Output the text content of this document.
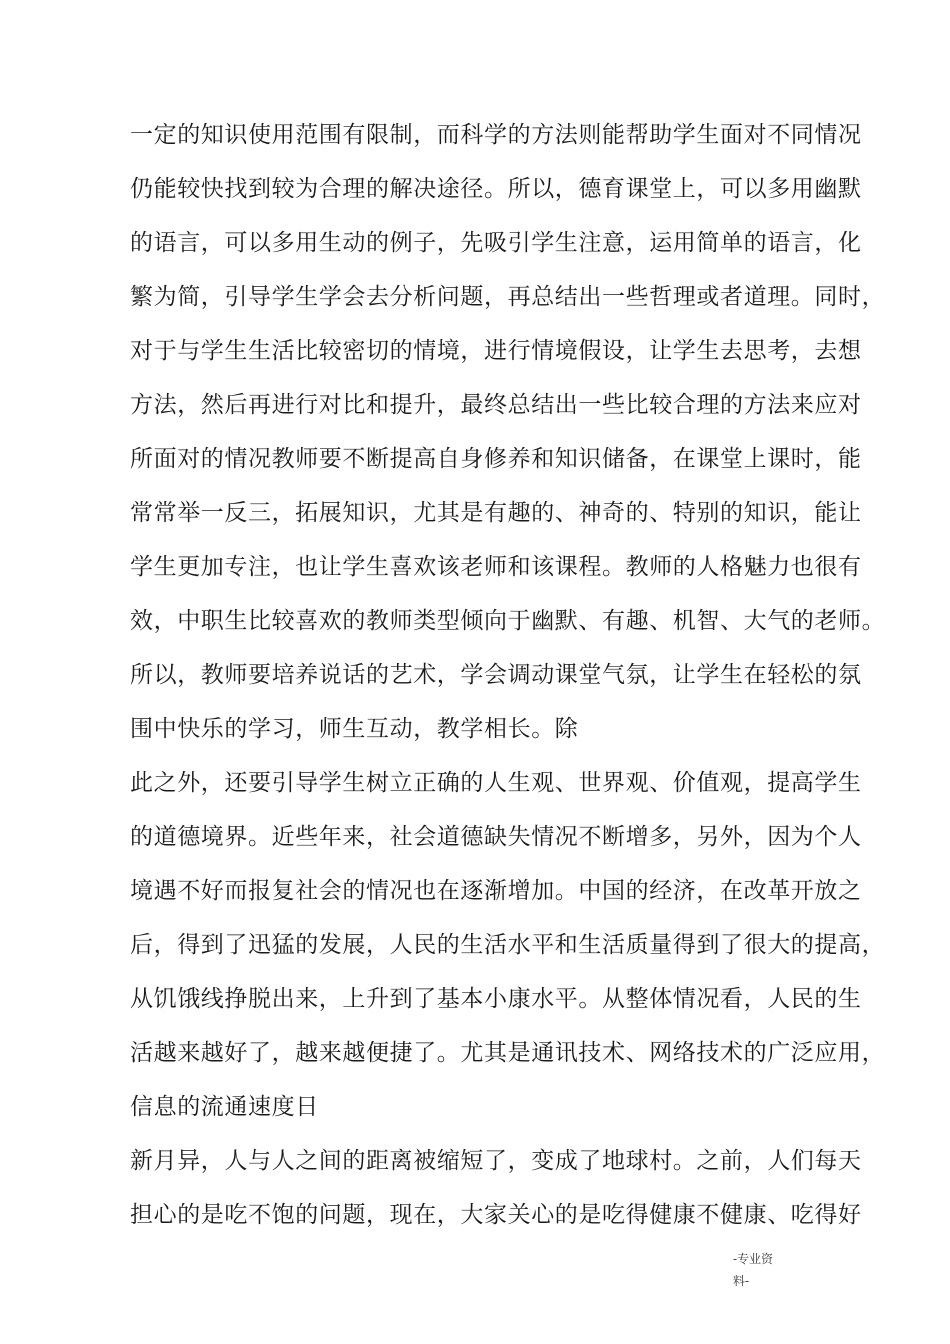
一定的知识使用范围有限制，而科学的方法则能帮助学生面对不同情况
仍能较快找到较为合理的解决途径。所以，德育课堂上，可以多用幽默
的语言，可以多用生动的例子，先吸引学生注意，运用简单的语言，化
繁为简，引导学生学会去分析问题，再总结出一些哲理或者道理。同时，
对于与学生生活比较密切的情境，进行情境假设，让学生去思考，去想
方法，然后再进行对比和提升，最终总结出一些比较合理的方法来应对
所面对的情况教师要不断提高自身修养和知识储备，在课堂上课时，能
常常举一反三，拓展知识，尤其是有趣的、神奇的、特别的知识，能让
学生更加专注，也让学生喜欢该老师和该课程。教师的人格魅力也很有
效，中职生比较喜欢的教师类型倾向于幽默、有趣、机智、大气的老师。
所以，教师要培养说话的艺术，学会调动课堂气氛，让学生在轻松的氛
围中快乐的学习，师生互动，教学相长。除
此之外，还要引导学生树立正确的人生观、世界观、价值观，提高学生
的道德境界。近些年来，社会道德缺失情况不断增多，另外，因为个人
境遇不好而报复社会的情况也在逐渐增加。中国的经济，在改革开放之
后，得到了迅猛的发展，人民的生活水平和生活质量得到了很大的提高，
从饥饿线挣脱出来，上升到了基本小康水平。从整体情况看，人民的生
活越来越好了，越来越便捷了。尤其是通讯技术、网络技术的广泛应用，
信息的流通速度日
新月异，人与人之间的距离被缩短了，变成了地球村。之前，人们每天
担心的是吃不饱的问题，现在，大家关心的是吃得健康不健康、吃得好
-专业资
料-
